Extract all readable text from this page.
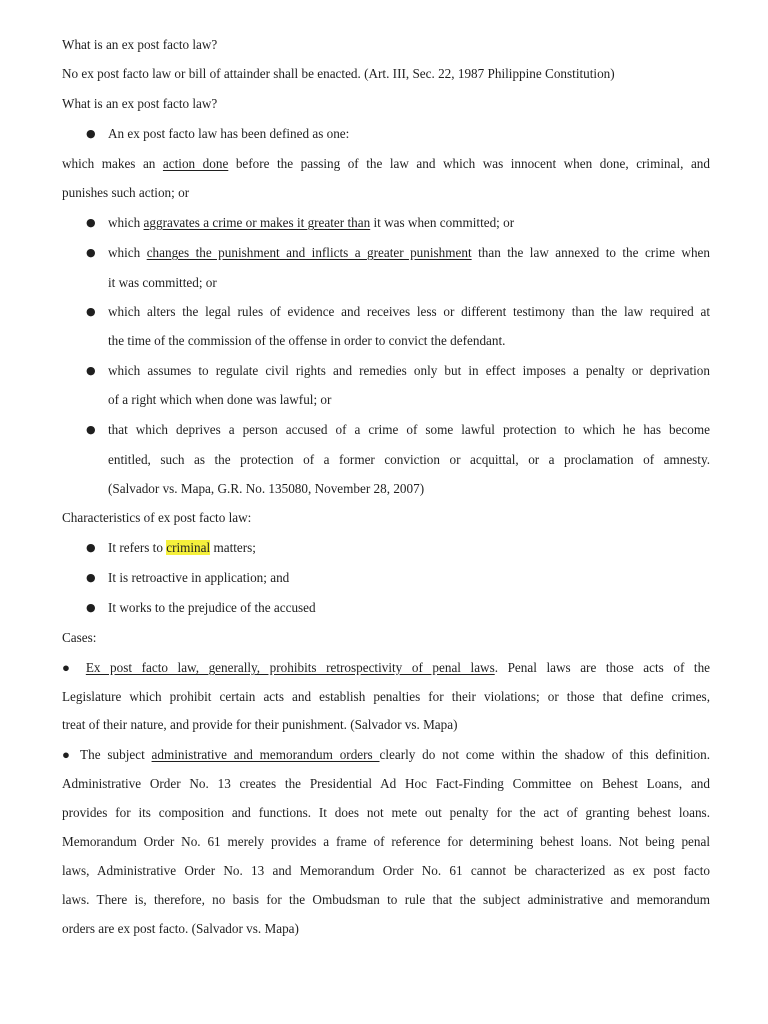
What is an ex post facto law?
No ex post facto law or bill of attainder shall be enacted. (Art. III, Sec. 22, 1987 Philippine Constitution)
What is an ex post facto law?
● An ex post facto law has been defined as one:
which makes an action done before the passing of the law and which was innocent when done, criminal, and
punishes such action; or
● which aggravates a crime or makes it greater than it was when committed; or
● which changes the punishment and inflicts a greater punishment than the law annexed to the crime when
it was committed; or
● which alters the legal rules of evidence and receives less or different testimony than the law required at
the time of the commission of the offense in order to convict the defendant.
● which assumes to regulate civil rights and remedies only but in effect imposes a penalty or deprivation
of a right which when done was lawful; or
● that which deprives a person accused of a crime of some lawful protection to which he has become
entitled, such as the protection of a former conviction or acquittal, or a proclamation of amnesty.
(Salvador vs. Mapa, G.R. No. 135080, November 28, 2007)
Characteristics of ex post facto law:
● It refers to criminal matters;
● It is retroactive in application; and
● It works to the prejudice of the accused
Cases:
● Ex post facto law, generally, prohibits retrospectivity of penal laws. Penal laws are those acts of the
Legislature which prohibit certain acts and establish penalties for their violations; or those that define crimes,
treat of their nature, and provide for their punishment. (Salvador vs. Mapa)
● The subject administrative and memorandum orders clearly do not come within the shadow of this definition.
Administrative Order No. 13 creates the Presidential Ad Hoc Fact-Finding Committee on Behest Loans, and
provides for its composition and functions. It does not mete out penalty for the act of granting behest loans.
Memorandum Order No. 61 merely provides a frame of reference for determining behest loans. Not being penal
laws, Administrative Order No. 13 and Memorandum Order No. 61 cannot be characterized as ex post facto
laws. There is, therefore, no basis for the Ombudsman to rule that the subject administrative and memorandum
orders are ex post facto. (Salvador vs. Mapa)
